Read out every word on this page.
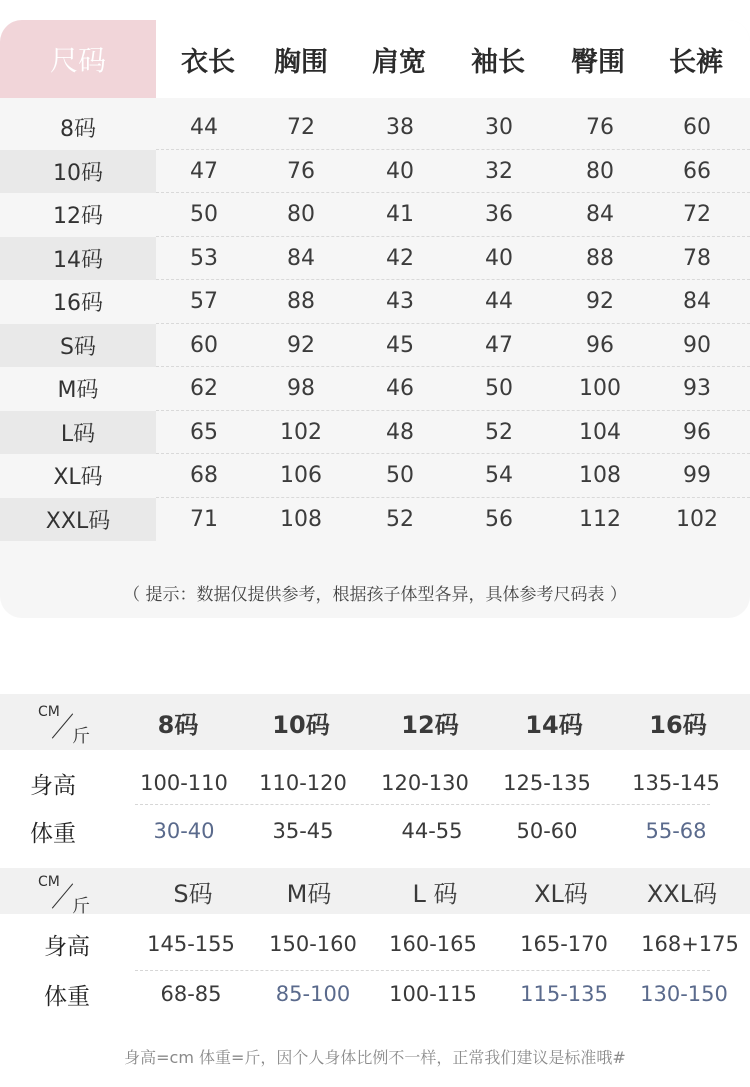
尺码	衣长	胸围	肩宽	袖长	臀围	长裤
8码	44	72	38	30	76	60
10码	47	76	40	32	80	66
12码	50	80	41	36	84	72
14码	53	84	42	40	88	78
16码	57	88	43	44	92	84
S码	60	92	45	47	96	90
M码	62	98	46	50	100	93
L码	65	102	48	52	104	96
XL码	68	106	50	54	108	99
XXL码	71	108	52	56	112	102
（ 提示：数据仅提供参考，根据孩子体型各异，具体参考尺码表 ）
CM
斤	8码	10码	12码	14码	16码
身高	100-110	110-120	120-130	125-135	135-145
体重	30-40	35-45	44-55	50-60	55-68
CM
斤	S码	M码	L 码	XL码	XXL码
身高	145-155	150-160	160-165	165-170	168+175
体重	68-85	85-100	100-115	115-135	130-150
身高=cm 体重=斤，因个人身体比例不一样，正常我们建议是标准哦#
